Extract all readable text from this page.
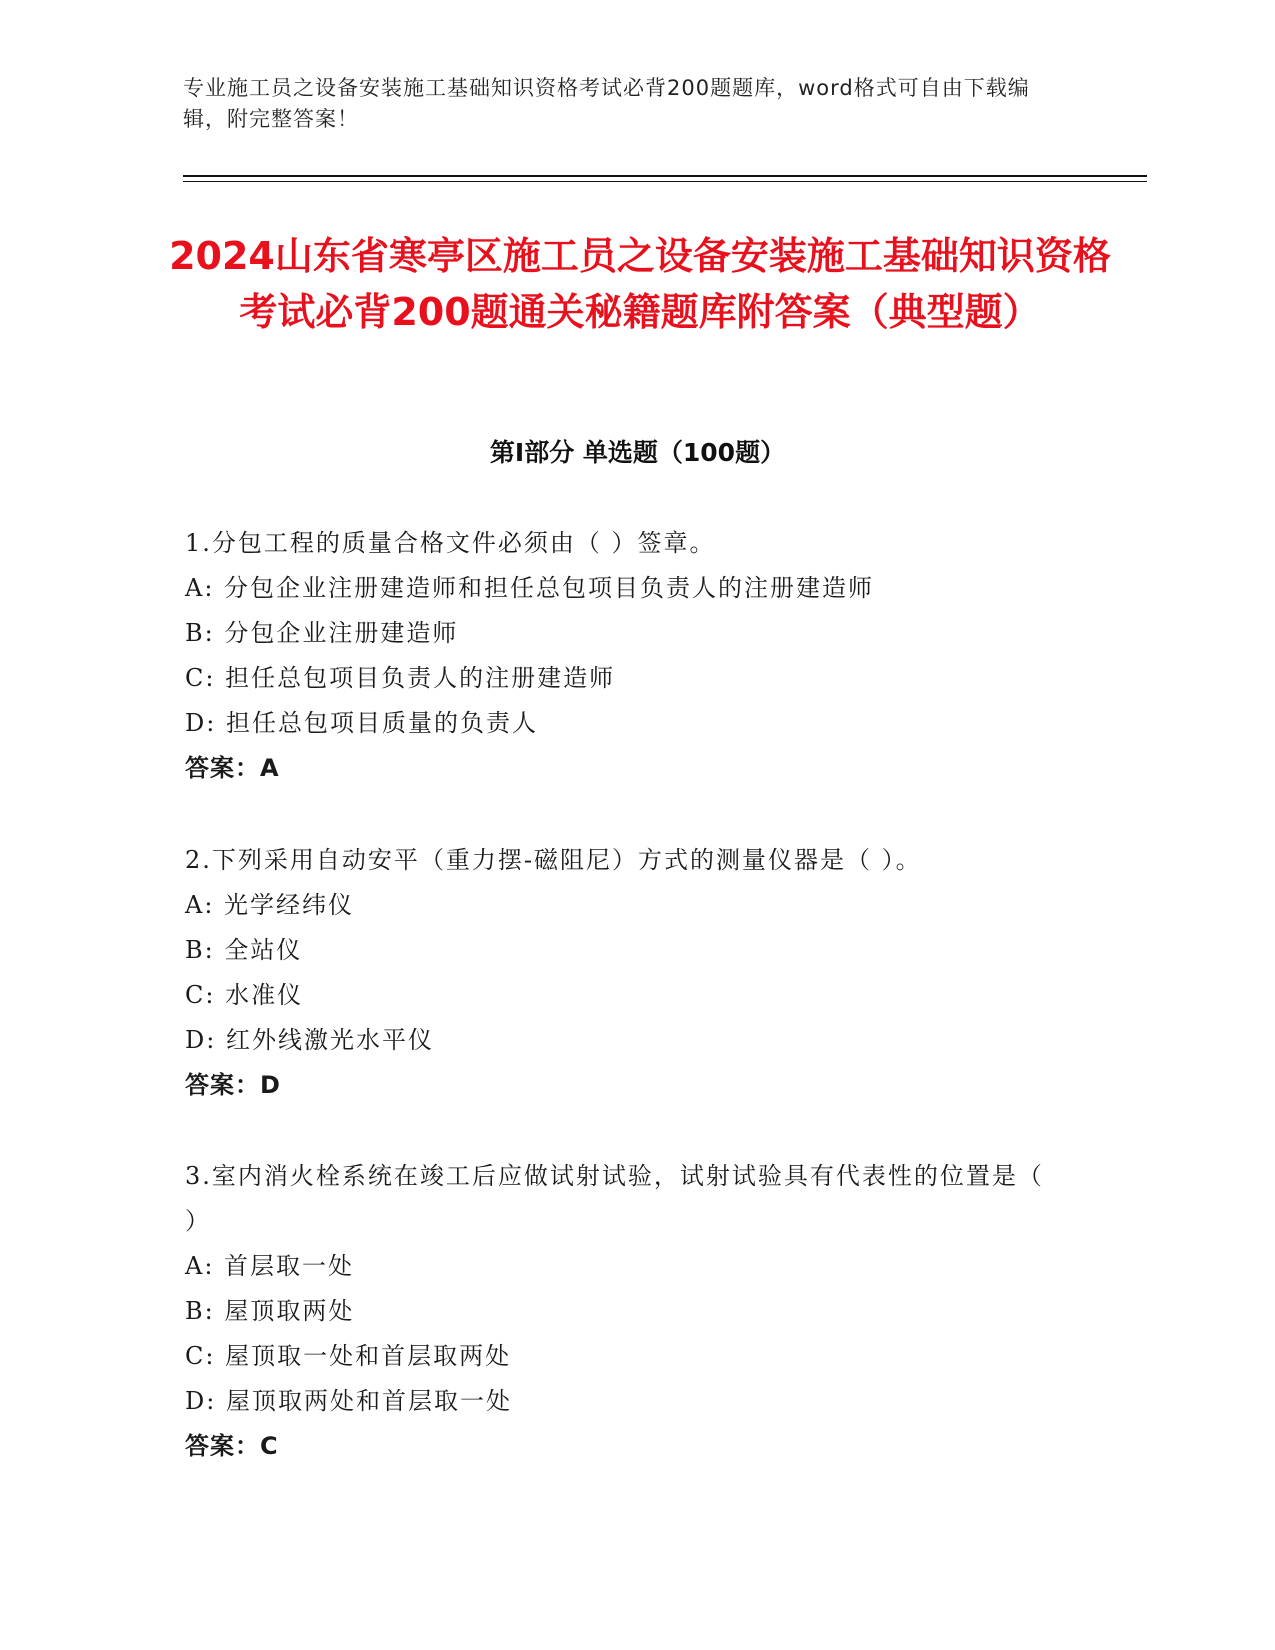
专业施工员之设备安装施工基础知识资格考试必背200题题库，word格式可自由下载编辑，附完整答案！
2024山东省寒亭区施工员之设备安装施工基础知识资格考试必背200题通关秘籍题库附答案（典型题）
第Ⅰ部分 单选题（100题）
1.分包工程的质量合格文件必须由（ ）签章。
A: 分包企业注册建造师和担任总包项目负责人的注册建造师
B: 分包企业注册建造师
C: 担任总包项目负责人的注册建造师
D: 担任总包项目质量的负责人
答案：A
2.下列采用自动安平（重力摆-磁阻尼）方式的测量仪器是（ ）。
A: 光学经纬仪
B: 全站仪
C: 水准仪
D: 红外线激光水平仪
答案：D
3.室内消火栓系统在竣工后应做试射试验，试射试验具有代表性的位置是（ ）
A: 首层取一处
B: 屋顶取两处
C: 屋顶取一处和首层取两处
D: 屋顶取两处和首层取一处
答案：C
